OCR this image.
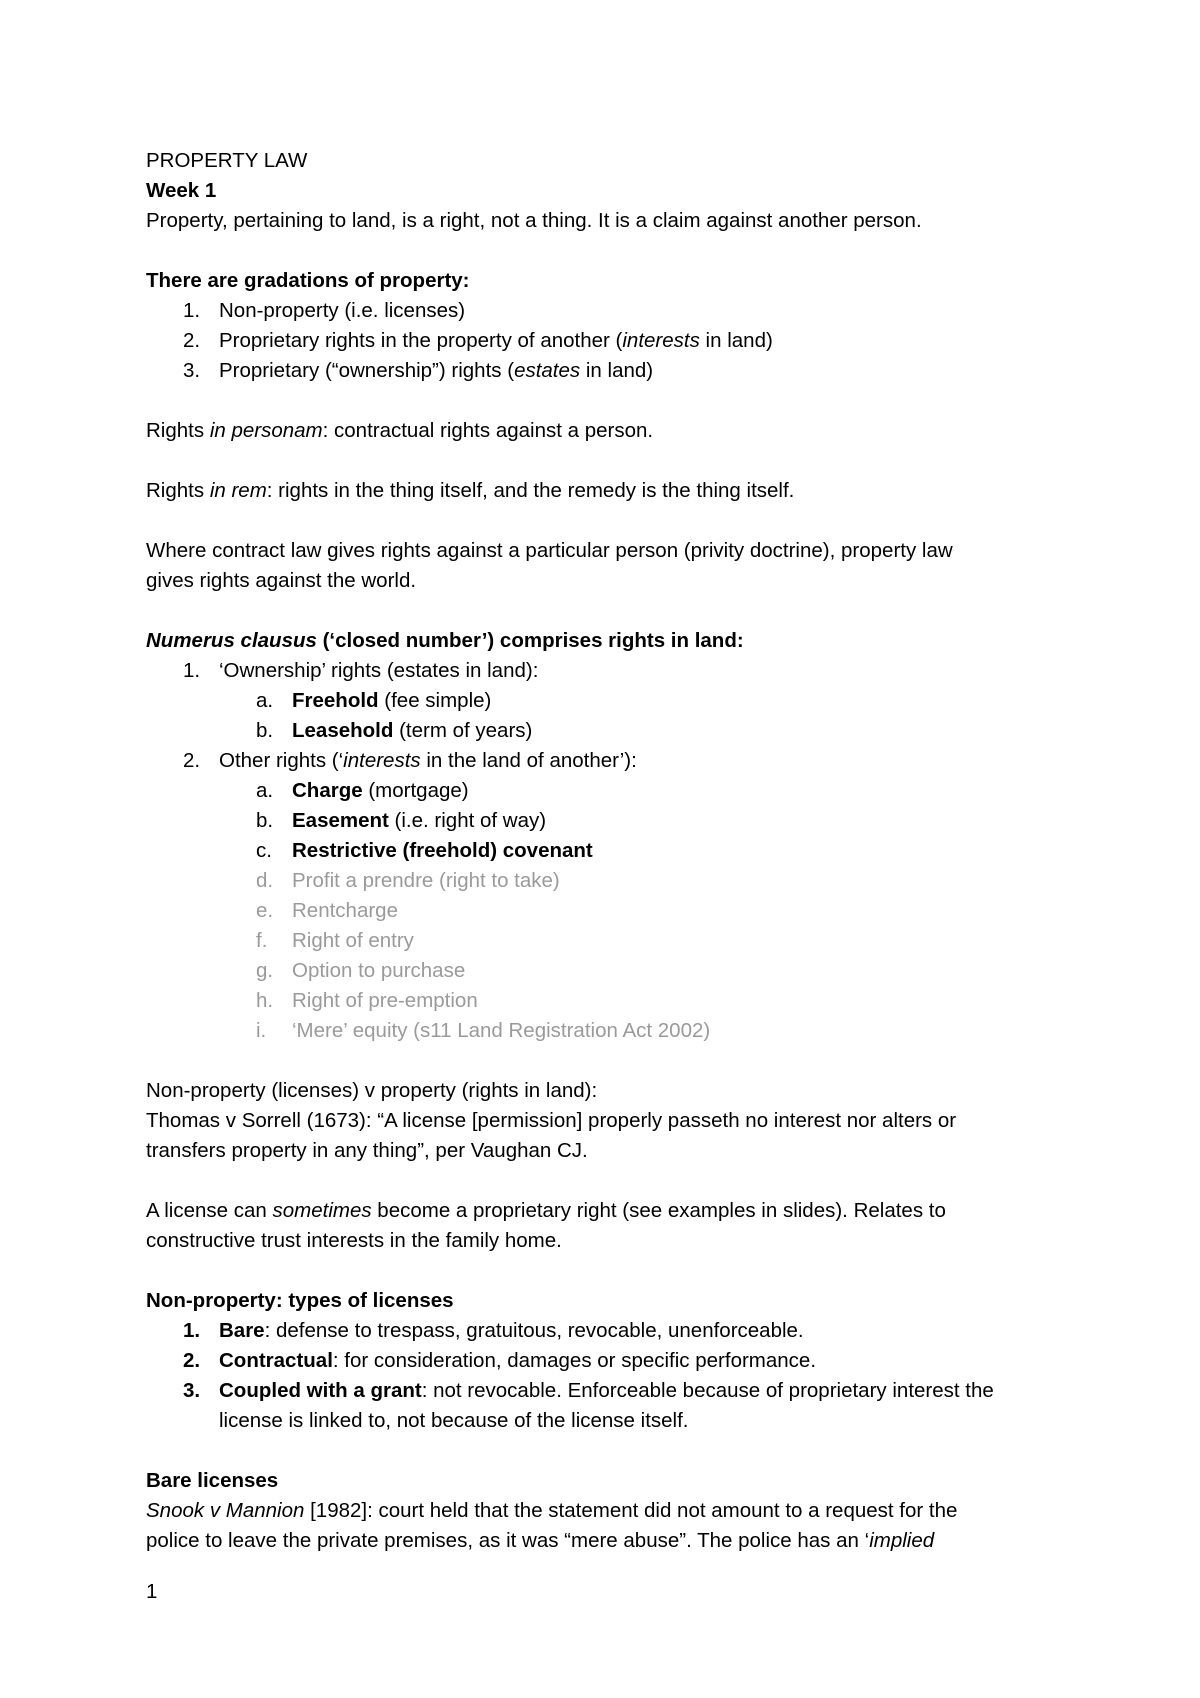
PROPERTY LAW

Week 1

Property, pertaining to land, is a right, not a thing. It is a claim against another person.

There are gradations of property:

1. Non-property (i.e. licenses)

2. Proprietary rights in the property of another (interests in land)

3. Proprietary (“ownership”) rights (estates in land)

Rights in personam: contractual rights against a person.

Rights in rem: rights in the thing itself, and the remedy is the thing itself.

Where contract law gives rights against a particular person (privity doctrine), property law

gives rights against the world.

Numerus clausus (‘closed number’) comprises rights in land:

1. ‘Ownership’ rights (estates in land):

a. Freehold (fee simple)

b. Leasehold (term of years)

2. Other rights (‘interests in the land of another’):

a. Charge (mortgage)

b. Easement (i.e. right of way)

c. Restrictive (freehold) covenant

d. Profit a prendre (right to take)

e. Rentcharge

f. Right of entry

g. Option to purchase

h. Right of pre-emption

i. ‘Mere’ equity (s11 Land Registration Act 2002)

Non-property (licenses) v property (rights in land):

Thomas v Sorrell (1673): “A license [permission] properly passeth no interest nor alters or

transfers property in any thing”, per Vaughan CJ.

A license can sometimes become a proprietary right (see examples in slides). Relates to

constructive trust interests in the family home.

Non-property: types of licenses

1. Bare: defense to trespass, gratuitous, revocable, unenforceable.

2. Contractual: for consideration, damages or specific performance.

3. Coupled with a grant: not revocable. Enforceable because of proprietary interest the

license is linked to, not because of the license itself.

Bare licenses

Snook v Mannion [1982]: court held that the statement did not amount to a request for the

police to leave the private premises, as it was “mere abuse”. The police has an ‘implied

1
